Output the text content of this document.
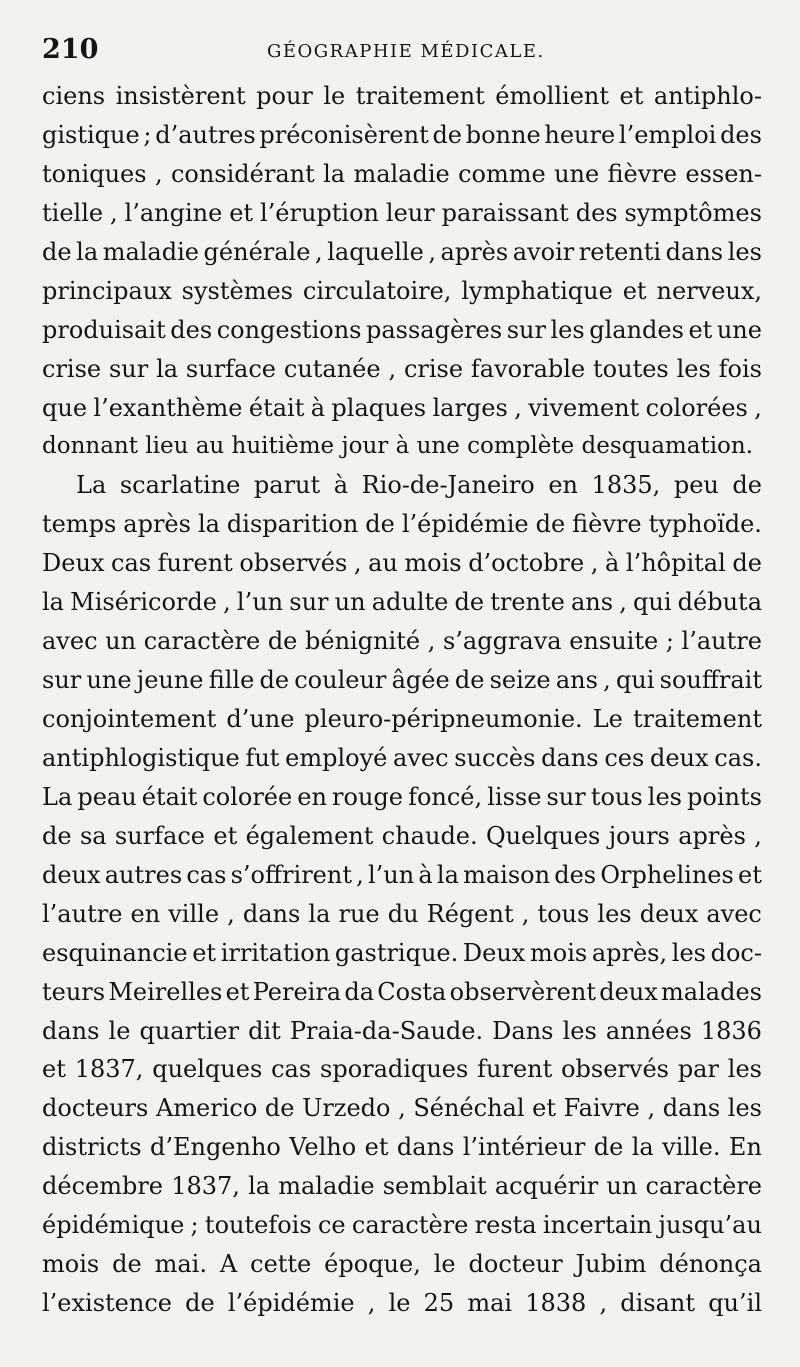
210	GÉOGRAPHIE MÉDICALE.
ciens insistèrent pour le traitement émollient et antiphlo-
gistique ; d’autres préconisèrent de bonne heure l’emploi des
toniques , considérant la maladie comme une fièvre essen-
tielle , l’angine et l’éruption leur paraissant des symptômes
de la maladie générale , laquelle , après avoir retenti dans les
principaux systèmes circulatoire, lymphatique et nerveux,
produisait des congestions passagères sur les glandes et une
crise sur la surface cutanée , crise favorable toutes les fois
que l’exanthème était à plaques larges , vivement colorées ,
donnant lieu au huitième jour à une complète desquamation.
La scarlatine parut à Rio-de-Janeiro en 1835, peu de
temps après la disparition de l’épidémie de fièvre typhoïde.
Deux cas furent observés , au mois d’octobre , à l’hôpital de
la Miséricorde , l’un sur un adulte de trente ans , qui débuta
avec un caractère de bénignité , s’aggrava ensuite ; l’autre
sur une jeune fille de couleur âgée de seize ans , qui souffrait
conjointement d’une pleuro-péripneumonie. Le traitement
antiphlogistique fut employé avec succès dans ces deux cas.
La peau était colorée en rouge foncé, lisse sur tous les points
de sa surface et également chaude. Quelques jours après ,
deux autres cas s’offrirent , l’un à la maison des Orphelines et
l’autre en ville , dans la rue du Régent , tous les deux avec
esquinancie et irritation gastrique. Deux mois après, les doc-
teurs Meirelles et Pereira da Costa observèrent deux malades
dans le quartier dit Praia-da-Saude. Dans les années 1836
et 1837, quelques cas sporadiques furent observés par les
docteurs Americo de Urzedo , Sénéchal et Faivre , dans les
districts d’Engenho Velho et dans l’intérieur de la ville. En
décembre 1837, la maladie semblait acquérir un caractère
épidémique ; toutefois ce caractère resta incertain jusqu’au
mois de mai. A cette époque, le docteur Jubim dénonça
l’existence de l’épidémie , le 25 mai 1838 , disant qu’il
